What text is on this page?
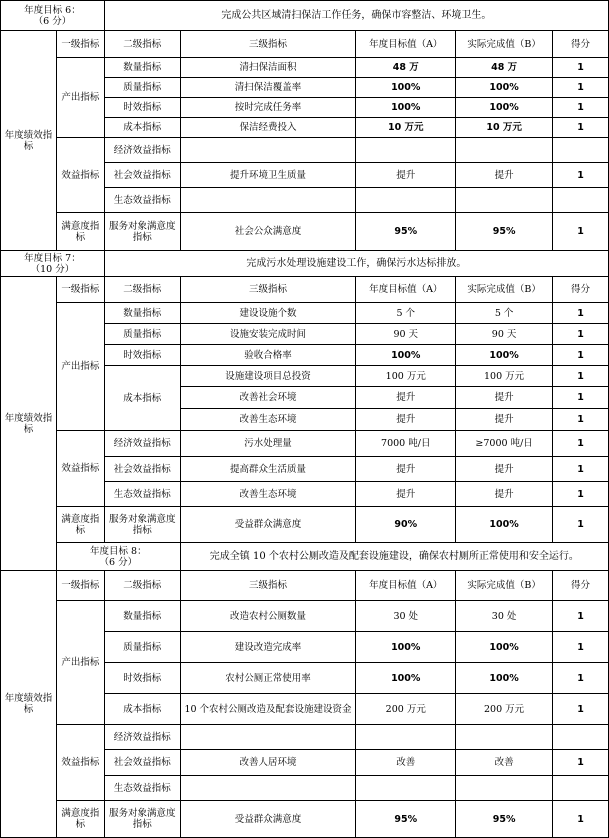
年度目标 6：
（6 分）		完成公共区域清扫保洁工作任务，确保市容整洁、环境卫生。				
年度绩效指标	一级指标	二级指标	三级指标	年度目标值（A）	实际完成值（B）	得分
	产出指标	数量指标	清扫保洁面积	48 万	48 万	1
		质量指标	清扫保洁覆盖率	100%	100%	1
		时效指标	按时完成任务率	100%	100%	1
		成本指标	保洁经费投入	10 万元	10 万元	1
	效益指标	经济效益指标				
		社会效益指标	提升环境卫生质量	提升	提升	1
		生态效益指标				
	满意度指标	服务对象满意度指标	社会公众满意度	95%	95%	1
年度目标 7：
（10 分）		完成污水处理设施建设工作，确保污水达标排放。				
年度绩效指标	一级指标	二级指标	三级指标	年度目标值（A）	实际完成值（B）	得分
	产出指标	数量指标	建设设施个数	5 个	5 个	1
		质量指标	设施安装完成时间	90 天	90 天	1
		时效指标	验收合格率	100%	100%	1
		成本指标	设施建设项目总投资	100 万元	100 万元	1
			改善社会环境	提升	提升	1
			改善生态环境	提升	提升	1
	效益指标	经济效益指标	污水处理量	7000 吨/日	≥7000 吨/日	1
		社会效益指标	提高群众生活质量	提升	提升	1
		生态效益指标	改善生态环境	提升	提升	1
	满意度指标	服务对象满意度指标	受益群众满意度	90%	100%	1
	年度目标 8：
（6 分）		完成全镇 10 个农村公厕改造及配套设施建设，确保农村厕所正常使用和安全运行。			
年度绩效指标	一级指标	二级指标	三级指标	年度目标值（A）	实际完成值（B）	得分
	产出指标	数量指标	改造农村公厕数量	30 处	30 处	1
		质量指标	建设改造完成率	100%	100%	1
		时效指标	农村公厕正常使用率	100%	100%	1
		成本指标	10 个农村公厕改造及配套设施建设资金	200 万元	200 万元	1
	效益指标	经济效益指标				
		社会效益指标	改善人居环境	改善	改善	1
		生态效益指标				
	满意度指标	服务对象满意度指标	受益群众满意度	95%	95%	1
